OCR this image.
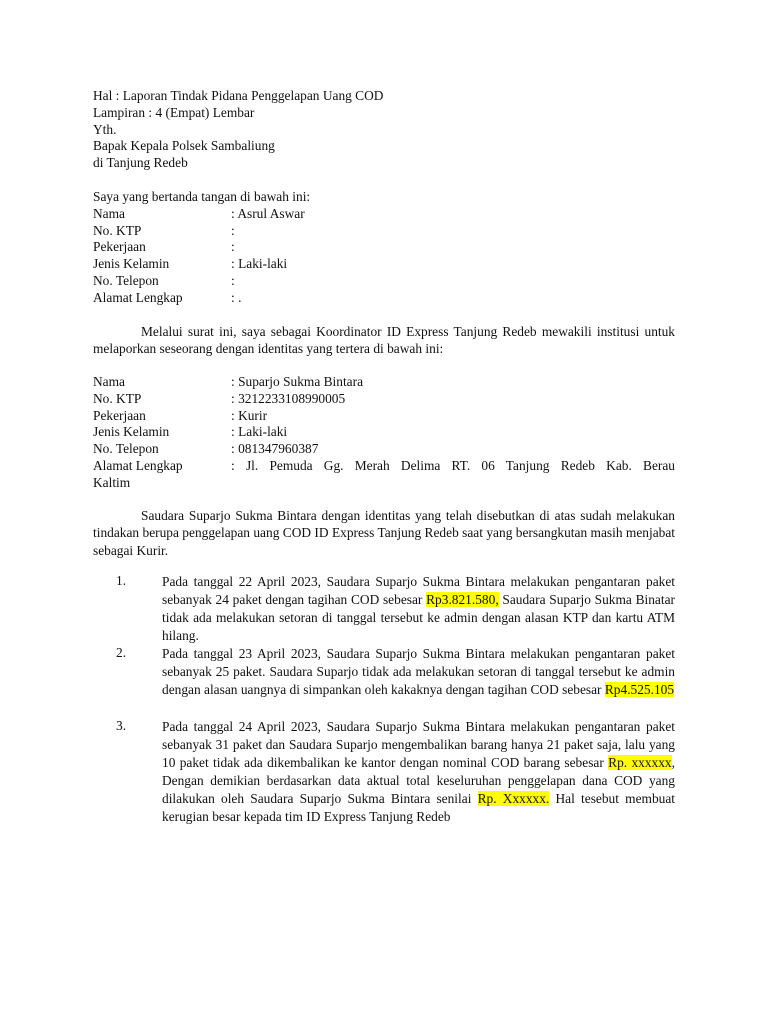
Hal : Laporan Tindak Pidana Penggelapan Uang COD
Lampiran : 4 (Empat) Lembar
Yth.
Bapak Kepala Polsek Sambaliung
di Tanjung Redeb
Saya yang bertanda tangan di bawah ini:
Nama	: Asrul Aswar
No. KTP	:
Pekerjaan	:
Jenis Kelamin	: Laki-laki
No. Telepon	:
Alamat Lengkap	: .
Melalui surat ini, saya sebagai Koordinator ID Express Tanjung Redeb mewakili institusi untuk melaporkan seseorang dengan identitas yang tertera di bawah ini:
Nama	: Suparjo Sukma Bintara
No. KTP	: 3212233108990005
Pekerjaan	: Kurir
Jenis Kelamin	: Laki-laki
No. Telepon	: 081347960387
Alamat Lengkap	: Jl. Pemuda Gg. Merah Delima RT. 06 Tanjung Redeb Kab. Berau
Kaltim
Saudara Suparjo Sukma Bintara dengan identitas yang telah disebutkan di atas sudah melakukan tindakan berupa penggelapan uang COD ID Express Tanjung Redeb saat yang bersangkutan masih menjabat sebagai Kurir.
1.	Pada tanggal 22 April 2023, Saudara Suparjo Sukma Bintara melakukan pengantaran paket sebanyak 24 paket dengan tagihan COD sebesar Rp3.821.580, Saudara Suparjo Sukma Binatar tidak ada melakukan setoran di tanggal tersebut ke admin dengan alasan KTP dan kartu ATM hilang.
2.	Pada tanggal 23 April 2023, Saudara Suparjo Sukma Bintara melakukan pengantaran paket sebanyak 25 paket. Saudara Suparjo tidak ada melakukan setoran di tanggal tersebut ke admin dengan alasan uangnya di simpankan oleh kakaknya dengan tagihan COD sebesar Rp4.525.105
3.	Pada tanggal 24 April 2023, Saudara Suparjo Sukma Bintara melakukan pengantaran paket sebanyak 31 paket dan Saudara Suparjo mengembalikan barang hanya 21 paket saja, lalu yang 10 paket tidak ada dikembalikan ke kantor dengan nominal COD barang sebesar Rp. xxxxxx, Dengan demikian berdasarkan data aktual total keseluruhan penggelapan dana COD yang dilakukan oleh Saudara Suparjo Sukma Bintara senilai Rp. Xxxxxx. Hal tesebut membuat kerugian besar kepada tim ID Express Tanjung Redeb
